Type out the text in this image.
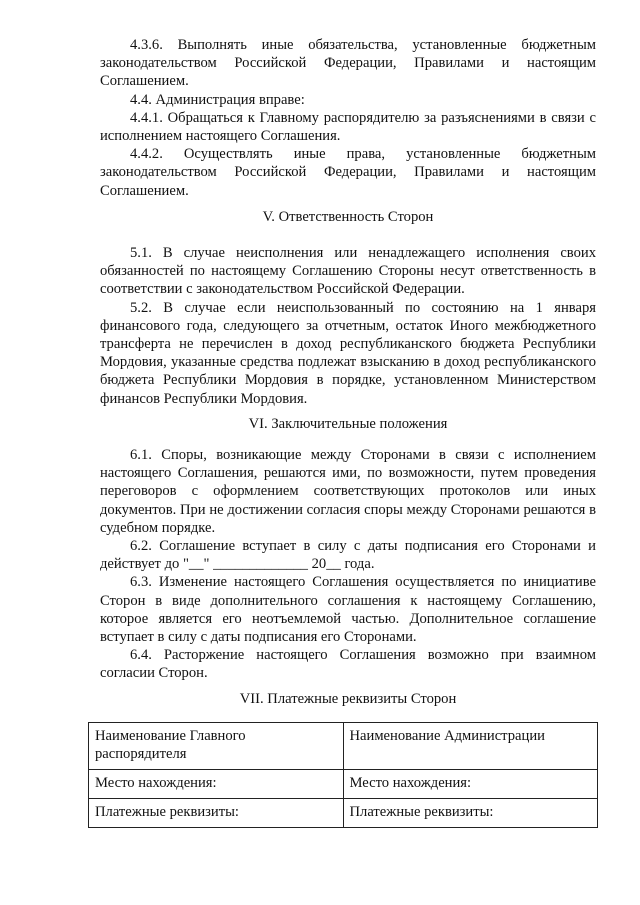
4.3.6. Выполнять иные обязательства, установленные бюджетным законодательством Российской Федерации, Правилами и настоящим Соглашением.

4.4. Администрация вправе:

4.4.1. Обращаться к Главному распорядителю за разъяснениями в связи с исполнением настоящего Соглашения.

4.4.2. Осуществлять иные права, установленные бюджетным законодательством Российской Федерации, Правилами и настоящим Соглашением.

V. Ответственность Сторон

5.1. В случае неисполнения или ненадлежащего исполнения своих обязанностей по настоящему Соглашению Стороны несут ответственность в соответствии с законодательством Российской Федерации.

5.2. В случае если неиспользованный по состоянию на 1 января финансового года, следующего за отчетным, остаток Иного межбюджетного трансферта не перечислен в доход республиканского бюджета Республики Мордовия, указанные средства подлежат взысканию в доход республиканского бюджета Республики Мордовия в порядке, установленном Министерством финансов Республики Мордовия.

VI. Заключительные положения

6.1. Споры, возникающие между Сторонами в связи с исполнением настоящего Соглашения, решаются ими, по возможности, путем проведения переговоров с оформлением соответствующих протоколов или иных документов. При не достижении согласия споры между Сторонами решаются в судебном порядке.

6.2. Соглашение вступает в силу с даты подписания его Сторонами и действует до "__" _____________ 20__ года.

6.3. Изменение настоящего Соглашения осуществляется по инициативе Сторон в виде дополнительного соглашения к настоящему Соглашению, которое является его неотъемлемой частью. Дополнительное соглашение вступает в силу с даты подписания его Сторонами.

6.4. Расторжение настоящего Соглашения возможно при взаимном согласии Сторон.

VII. Платежные реквизиты Сторон

Наименование Главного распорядителя	Наименование Администрации
Место нахождения:	Место нахождения:
Платежные реквизиты:	Платежные реквизиты:
